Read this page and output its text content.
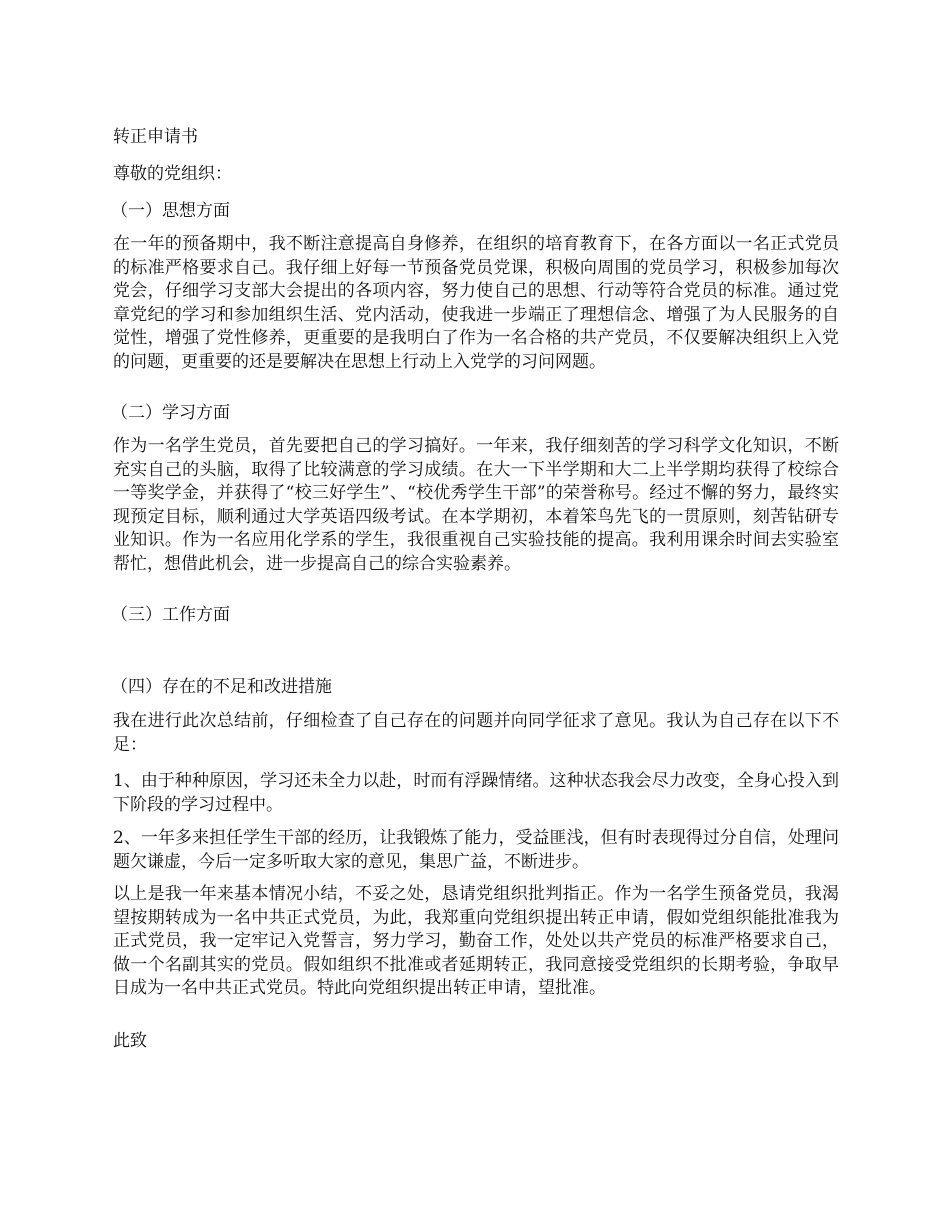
转正申请书
尊敬的党组织：
（一）思想方面
在一年的预备期中，我不断注意提高自身修养，在组织的培育教育下，在各方面以一名正式党员的标准严格要求自己。我仔细上好每一节预备党员党课，积极向周围的党员学习，积极参加每次党会，仔细学习支部大会提出的各项内容，努力使自己的思想、行动等符合党员的标准。通过党章党纪的学习和参加组织生活、党内活动，使我进一步端正了理想信念、增强了为人民服务的自觉性，增强了党性修养，更重要的是我明白了作为一名合格的共产党员，不仅要解决组织上入党的问题，更重要的还是要解决在思想上行动上入党学的习问网题。
（二）学习方面
作为一名学生党员，首先要把自己的学习搞好。一年来，我仔细刻苦的学习科学文化知识，不断充实自己的头脑，取得了比较满意的学习成绩。在大一下半学期和大二上半学期均获得了校综合一等奖学金，并获得了“校三好学生”、“校优秀学生干部”的荣誉称号。经过不懈的努力，最终实现预定目标，顺利通过大学英语四级考试。在本学期初，本着笨鸟先飞的一贯原则，刻苦钻研专业知识。作为一名应用化学系的学生，我很重视自己实验技能的提高。我利用课余时间去实验室帮忙，想借此机会，进一步提高自己的综合实验素养。
（三）工作方面
（四）存在的不足和改进措施
我在进行此次总结前，仔细检查了自己存在的问题并向同学征求了意见。我认为自己存在以下不足：
1、由于种种原因，学习还未全力以赴，时而有浮躁情绪。这种状态我会尽力改变，全身心投入到下阶段的学习过程中。
2、一年多来担任学生干部的经历，让我锻炼了能力，受益匪浅，但有时表现得过分自信，处理问题欠谦虚，今后一定多听取大家的意见，集思广益，不断进步。
以上是我一年来基本情况小结，不妥之处，恳请党组织批判指正。作为一名学生预备党员，我渴望按期转成为一名中共正式党员，为此，我郑重向党组织提出转正申请，假如党组织能批准我为正式党员，我一定牢记入党誓言，努力学习，勤奋工作，处处以共产党员的标准严格要求自己，做一个名副其实的党员。假如组织不批准或者延期转正，我同意接受党组织的长期考验，争取早日成为一名中共正式党员。特此向党组织提出转正申请，望批准。
此致
